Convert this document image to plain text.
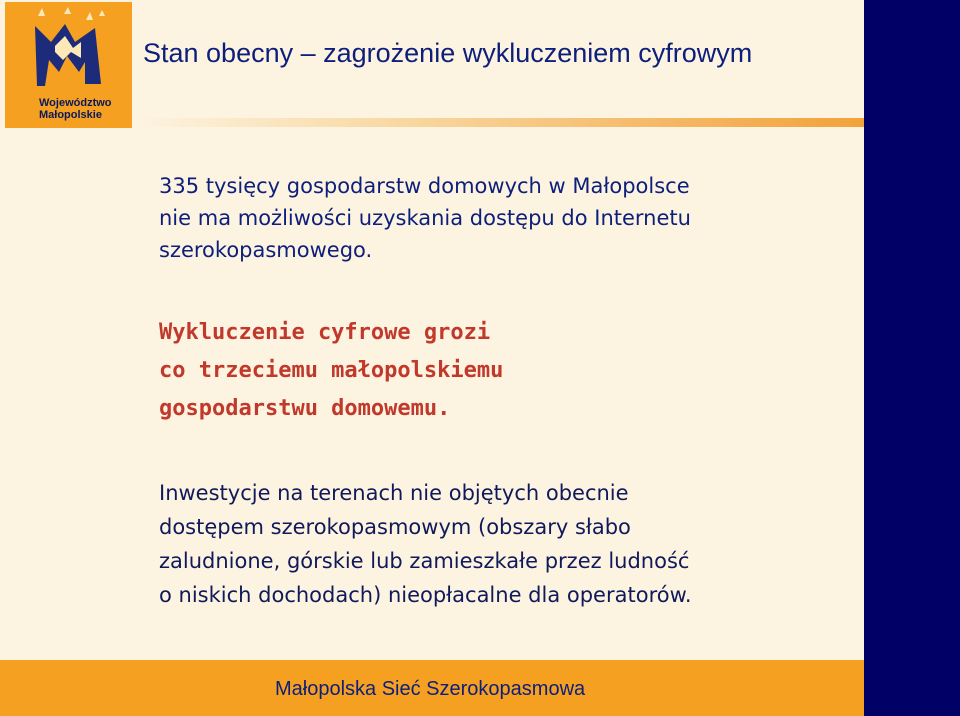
Województwo
Małopolskie
Stan obecny – zagrożenie wykluczeniem cyfrowym

335 tysięcy gospodarstw domowych w Małopolsce
nie ma możliwości uzyskania dostępu do Internetu
szerokopasmowego.

Wykluczenie cyfrowe grozi
co trzeciemu małopolskiemu
gospodarstwu domowemu.

Inwestycje na terenach nie objętych obecnie
dostępem szerokopasmowym (obszary słabo
zaludnione, górskie lub zamieszkałe przez ludność
o niskich dochodach) nieopłacalne dla operatorów.

Małopolska Sieć Szerokopasmowa
